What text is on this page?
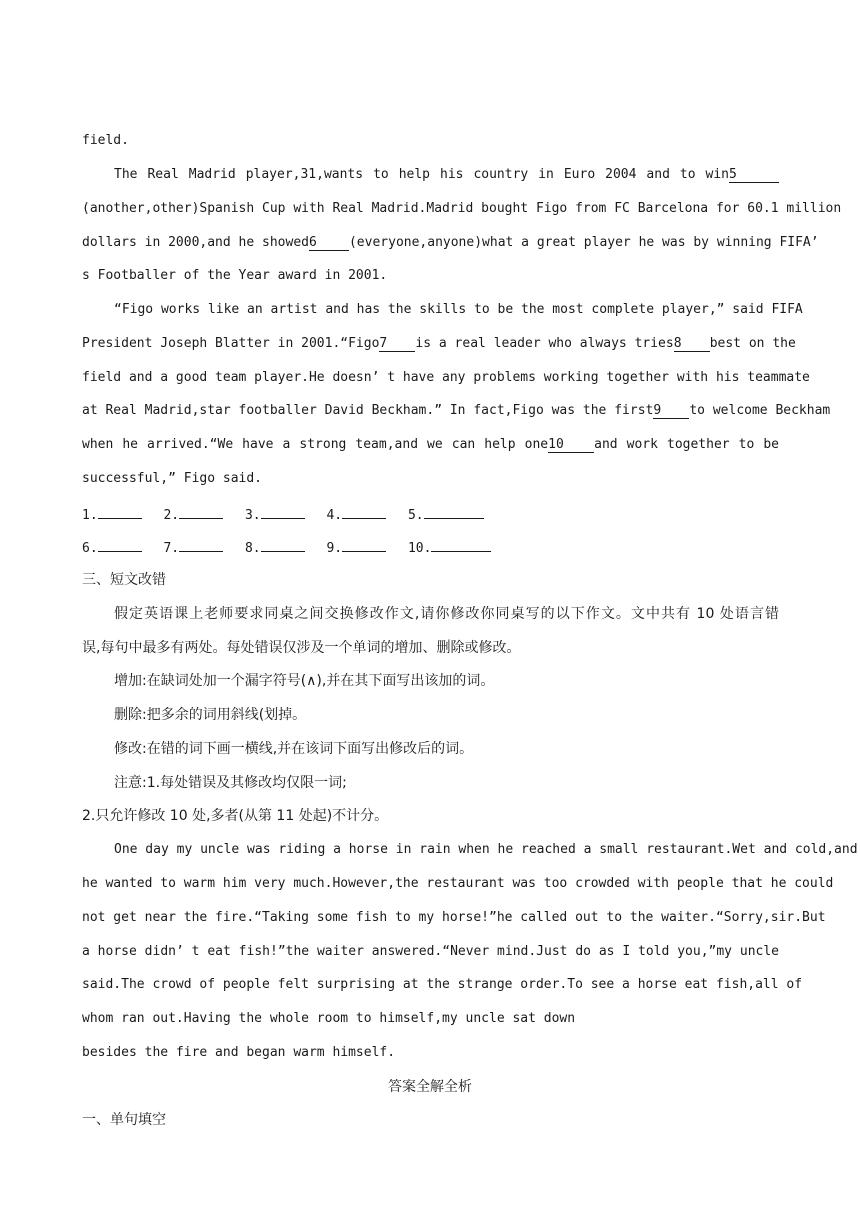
field.
The Real Madrid player,31,wants to help his country in Euro 2004 and to win5
(another,other)Spanish Cup with Real Madrid.Madrid bought Figo from FC Barcelona for 60.1 million
dollars in 2000,and he showed6 (everyone,anyone)what a great player he was by winning FIFA’
s Footballer of the Year award in 2001.
“Figo works like an artist and has the skills to be the most complete player,” said FIFA
President Joseph Blatter in 2001.“Figo7 is a real leader who always tries8 best on the
field and a good team player.He doesn’ t have any problems working together with his teammate
at Real Madrid,star footballer David Beckham.” In fact,Figo was the first9 to welcome Beckham
when he arrived.“We have a strong team,and we can help one10 and work together to be
successful,” Figo said.
1.	2.	3.	4.	5.
6.	7.	8.	9.	10.
三、短文改错
假定英语课上老师要求同桌之间交换修改作文,请你修改你同桌写的以下作文。文中共有 10 处语言错
误,每句中最多有两处。每处错误仅涉及一个单词的增加、删除或修改。
增加:在缺词处加一个漏字符号(∧),并在其下面写出该加的词。
删除:把多余的词用斜线(划掉。
修改:在错的词下画一横线,并在该词下面写出修改后的词。
注意:1.每处错误及其修改均仅限一词;
2.只允许修改 10 处,多者(从第 11 处起)不计分。
One day my uncle was riding a horse in rain when he reached a small restaurant.Wet and cold,and
he wanted to warm him very much.However,the restaurant was too crowded with people that he could
not get near the fire.“Taking some fish to my horse!”he called out to the waiter.“Sorry,sir.But
a horse didn’ t eat fish!”the waiter answered.“Never mind.Just do as I told you,”my uncle
said.The crowd of people felt surprising at the strange order.To see a horse eat fish,all of
whom ran out.Having the whole room to himself,my uncle sat down
besides the fire and began warm himself.
答案全解全析
一、单句填空
